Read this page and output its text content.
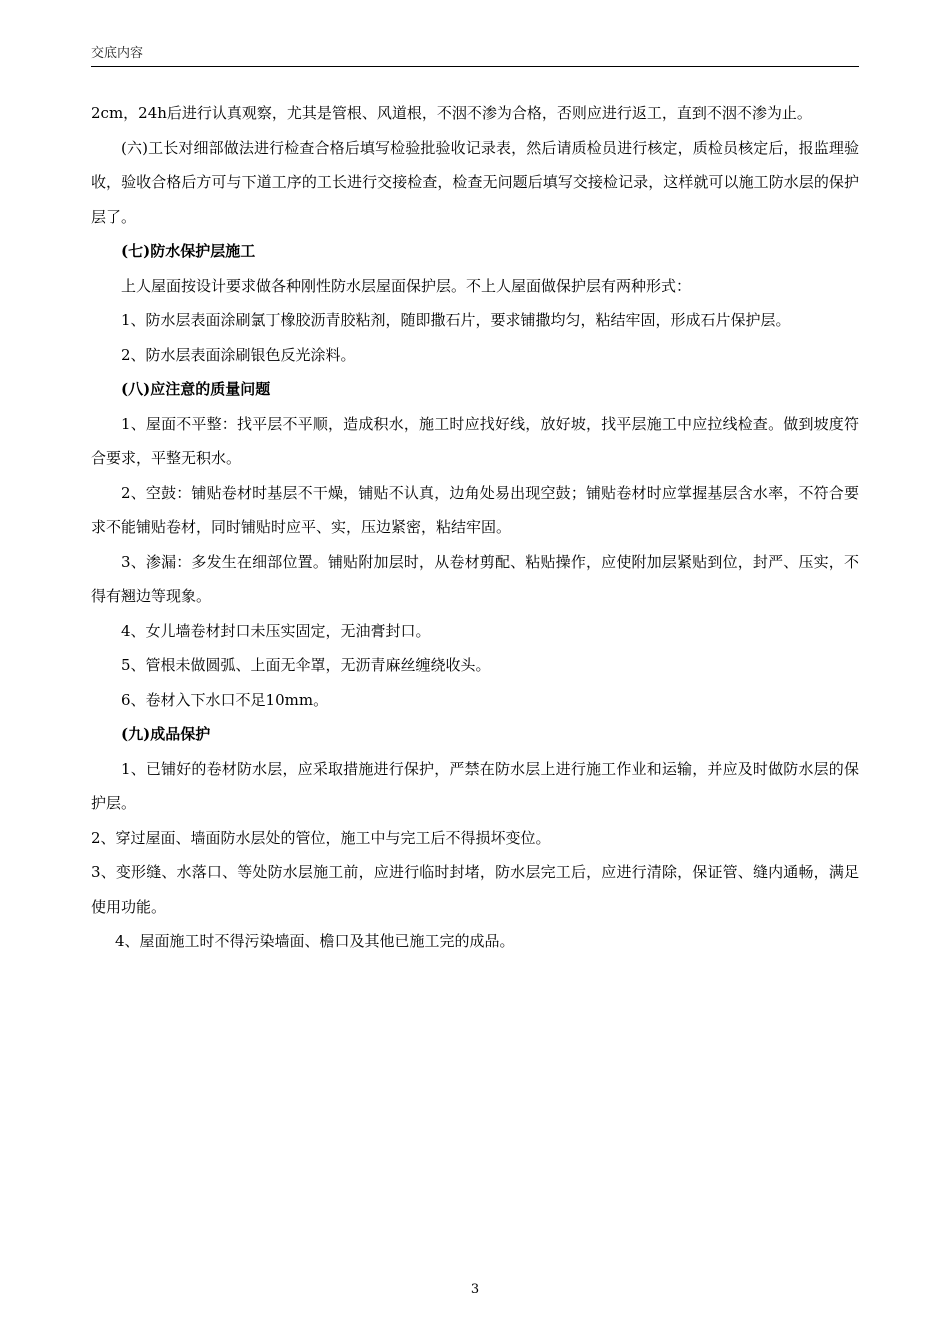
交底内容

2cm，24h后进行认真观察，尤其是管根、风道根，不洇不渗为合格，否则应进行返工，直到不洇不渗为止。

(六)工长对细部做法进行检查合格后填写检验批验收记录表，然后请质检员进行核定，质检员核定后，报监理验收，验收合格后方可与下道工序的工长进行交接检查，检查无问题后填写交接检记录，这样就可以施工防水层的保护层了。

(七)防水保护层施工

上人屋面按设计要求做各种刚性防水层屋面保护层。不上人屋面做保护层有两种形式：

1、防水层表面涂刷氯丁橡胶沥青胶粘剂，随即撒石片，要求铺撒均匀，粘结牢固，形成石片保护层。

2、防水层表面涂刷银色反光涂料。

(八)应注意的质量问题

1、屋面不平整：找平层不平顺，造成积水，施工时应找好线，放好坡，找平层施工中应拉线检查。做到坡度符合要求，平整无积水。

2、空鼓：铺贴卷材时基层不干燥，铺贴不认真，边角处易出现空鼓；铺贴卷材时应掌握基层含水率，不符合要求不能铺贴卷材，同时铺贴时应平、实，压边紧密，粘结牢固。

3、渗漏：多发生在细部位置。铺贴附加层时，从卷材剪配、粘贴操作，应使附加层紧贴到位，封严、压实，不得有翘边等现象。

4、女儿墙卷材封口未压实固定，无油膏封口。

5、管根未做圆弧、上面无伞罩，无沥青麻丝缠绕收头。

6、卷材入下水口不足10mm。

(九)成品保护

1、已铺好的卷材防水层，应采取措施进行保护，严禁在防水层上进行施工作业和运输，并应及时做防水层的保护层。

2、穿过屋面、墙面防水层处的管位，施工中与完工后不得损坏变位。

3、变形缝、水落口、等处防水层施工前，应进行临时封堵，防水层完工后，应进行清除，保证管、缝内通畅，满足使用功能。

4、屋面施工时不得污染墙面、檐口及其他已施工完的成品。

3
